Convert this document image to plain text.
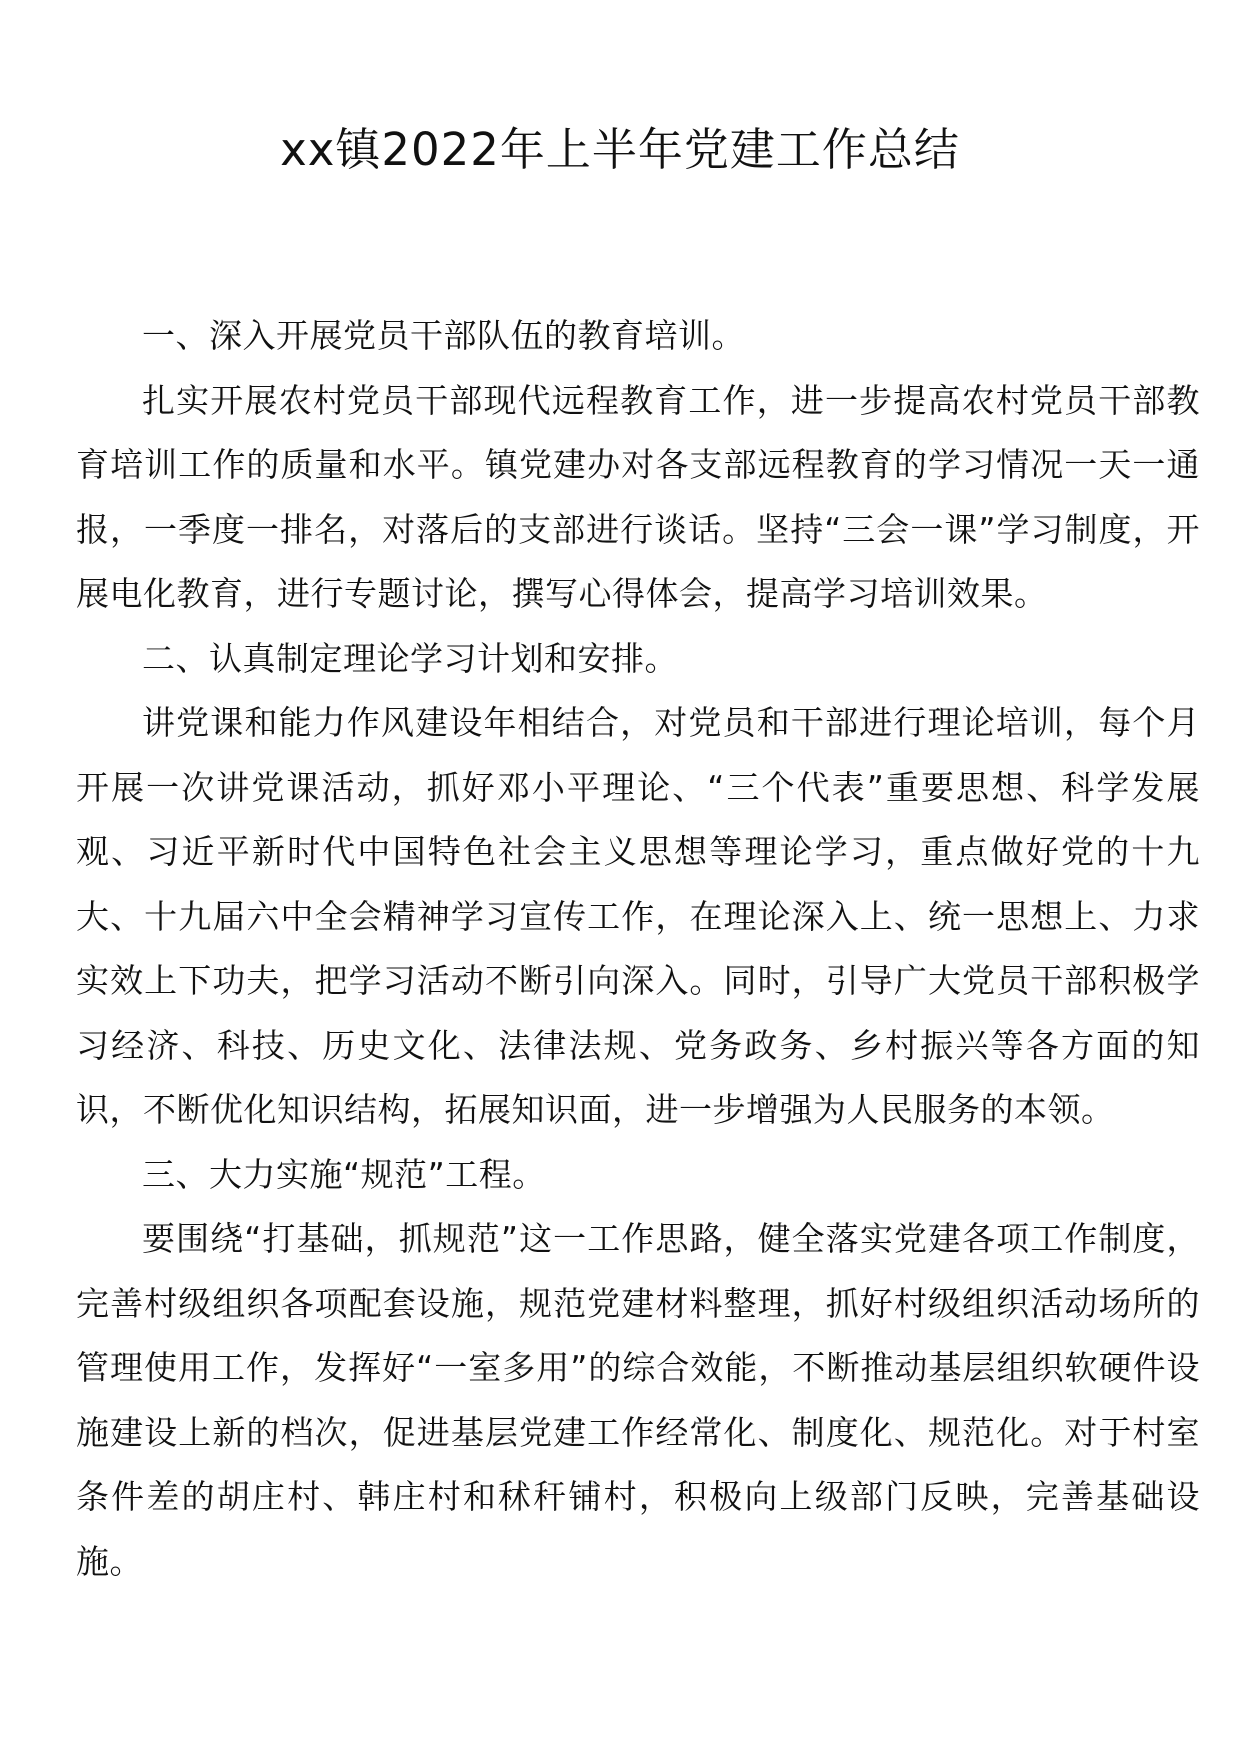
xx镇2022年上半年党建工作总结

一、深入开展党员干部队伍的教育培训。

扎实开展农村党员干部现代远程教育工作，进一步提高农村党员干部教育培训工作的质量和水平。镇党建办对各支部远程教育的学习情况一天一通报，一季度一排名，对落后的支部进行谈话。坚持“三会一课”学习制度，开展电化教育，进行专题讨论，撰写心得体会，提高学习培训效果。

二、认真制定理论学习计划和安排。

讲党课和能力作风建设年相结合，对党员和干部进行理论培训，每个月开展一次讲党课活动，抓好邓小平理论、“三个代表”重要思想、科学发展观、习近平新时代中国特色社会主义思想等理论学习，重点做好党的十九大、十九届六中全会精神学习宣传工作，在理论深入上、统一思想上、力求实效上下功夫，把学习活动不断引向深入。同时，引导广大党员干部积极学习经济、科技、历史文化、法律法规、党务政务、乡村振兴等各方面的知识，不断优化知识结构，拓展知识面，进一步增强为人民服务的本领。

三、大力实施“规范”工程。

要围绕“打基础，抓规范”这一工作思路，健全落实党建各项工作制度，完善村级组织各项配套设施，规范党建材料整理，抓好村级组织活动场所的管理使用工作，发挥好“一室多用”的综合效能，不断推动基层组织软硬件设施建设上新的档次，促进基层党建工作经常化、制度化、规范化。对于村室条件差的胡庄村、韩庄村和秫秆铺村，积极向上级部门反映，完善基础设施。
